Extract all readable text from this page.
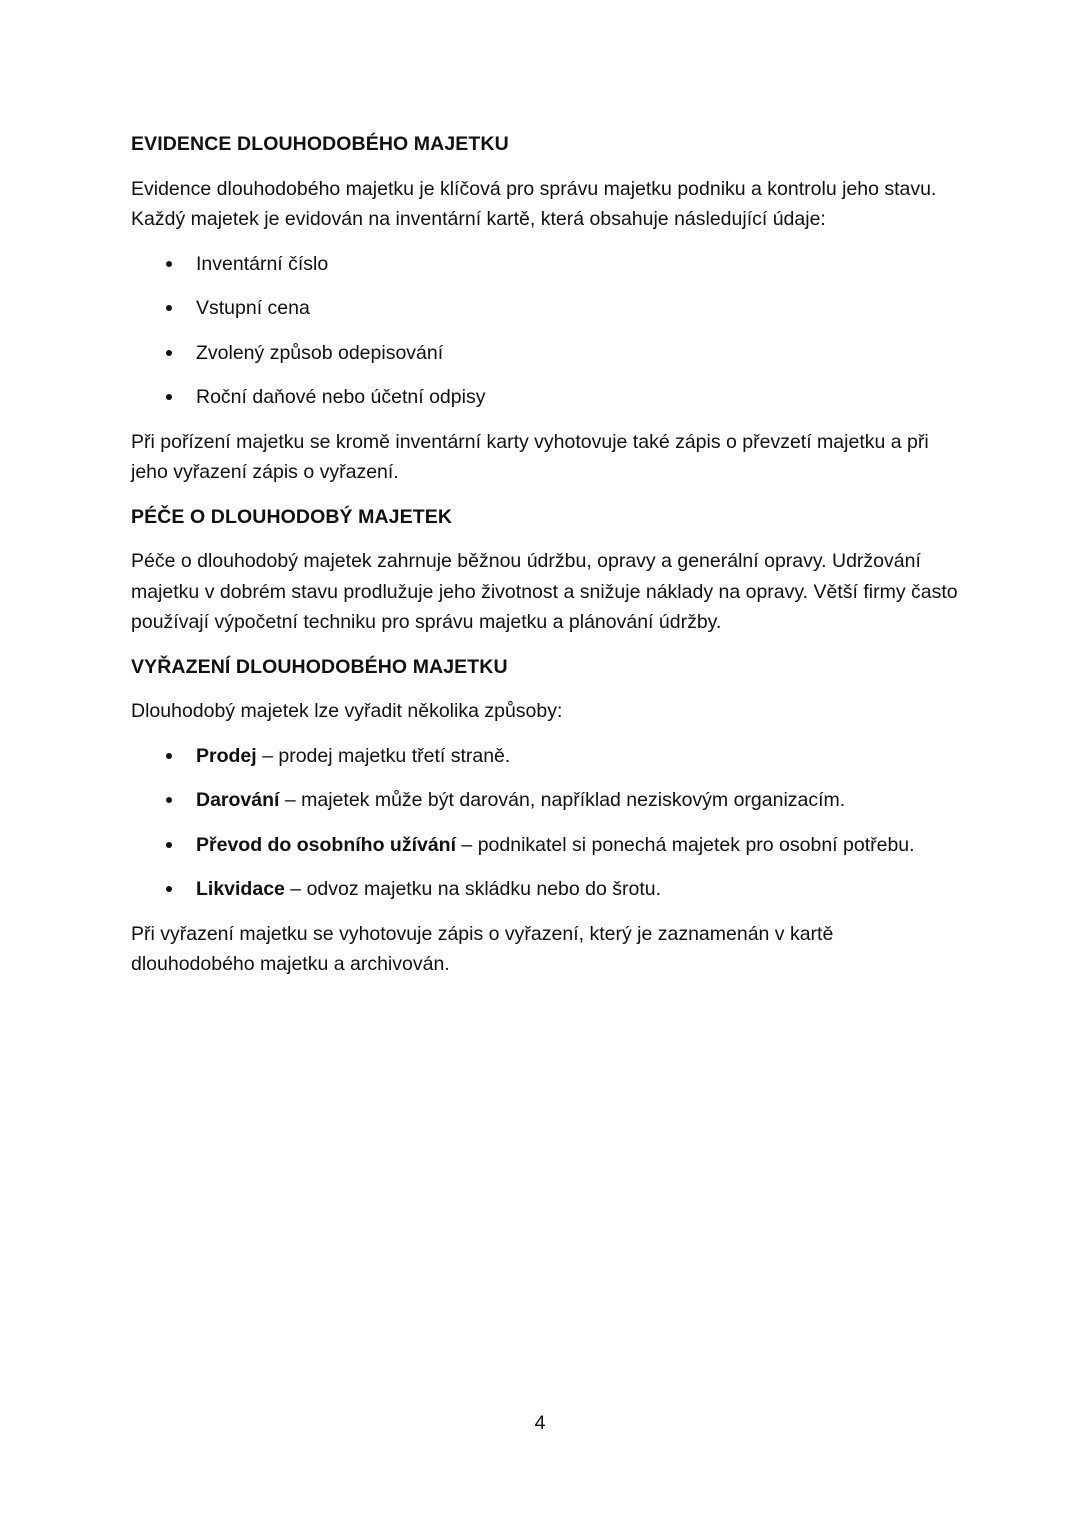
EVIDENCE DLOUHODOBÉHO MAJETKU

Evidence dlouhodobého majetku je klíčová pro správu majetku podniku a kontrolu jeho stavu. Každý majetek je evidován na inventární kartě, která obsahuje následující údaje:

Inventární číslo
Vstupní cena
Zvolený způsob odepisování
Roční daňové nebo účetní odpisy

Při pořízení majetku se kromě inventární karty vyhotovuje také zápis o převzetí majetku a při jeho vyřazení zápis o vyřazení.

PÉČE O DLOUHODOBÝ MAJETEK

Péče o dlouhodobý majetek zahrnuje běžnou údržbu, opravy a generální opravy. Udržování majetku v dobrém stavu prodlužuje jeho životnost a snižuje náklady na opravy. Větší firmy často používají výpočetní techniku pro správu majetku a plánování údržby.

VYŘAZENÍ DLOUHODOBÉHO MAJETKU

Dlouhodobý majetek lze vyřadit několika způsoby:

Prodej – prodej majetku třetí straně.
Darování – majetek může být darován, například neziskovým organizacím.
Převod do osobního užívání – podnikatel si ponechá majetek pro osobní potřebu.
Likvidace – odvoz majetku na skládku nebo do šrotu.

Při vyřazení majetku se vyhotovuje zápis o vyřazení, který je zaznamenán v kartě dlouhodobého majetku a archivován.

4
